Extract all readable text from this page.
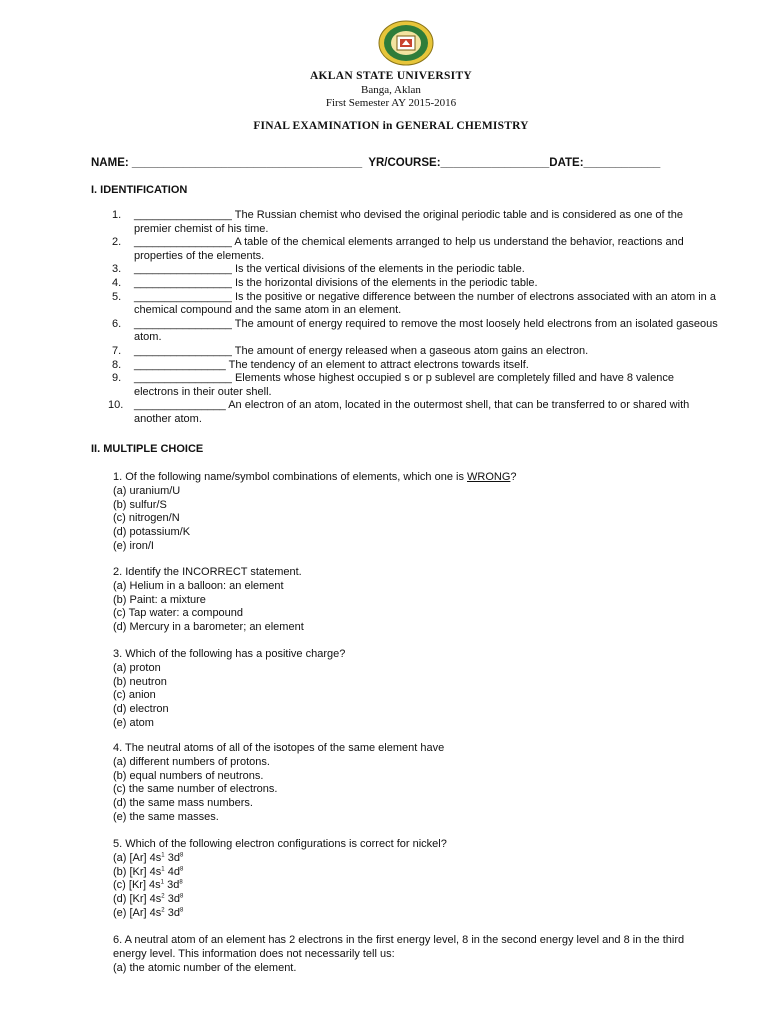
AKLAN STATE UNIVERSITY
Banga, Aklan
First Semester AY 2015-2016
FINAL EXAMINATION in GENERAL CHEMISTRY
NAME: ____________________________________  YR/COURSE:_________________DATE:____________
I. IDENTIFICATION
1. ________________ The Russian chemist who devised the original periodic table and is considered as one of the premier chemist of his time.
2. ________________ A table of the chemical elements arranged to help us understand the behavior, reactions and properties of the elements.
3. ________________ Is the vertical divisions of the elements in the periodic table.
4. ________________ Is the horizontal divisions of the elements in the periodic table.
5. ________________ Is the positive or negative difference between the number of electrons associated with an atom in a chemical compound and the same atom in an element.
6. ________________ The amount of energy required to remove the most loosely held electrons from an isolated gaseous atom.
7. ________________ The amount of energy released when a gaseous atom gains an electron.
8. _______________ The tendency of an element to attract electrons towards itself.
9. ________________ Elements whose highest occupied s or p sublevel are completely filled and have 8 valence electrons in their outer shell.
10. _______________ An electron of an atom, located in the outermost shell, that can be transferred to or shared with another atom.
II. MULTIPLE CHOICE

1. Of the following name/symbol combinations of elements, which one is WRONG?

(a) uranium/U

(b) sulfur/S

(c) nitrogen/N

(d) potassium/K

(e) iron/I

2. Identify the INCORRECT statement.

(a) Helium in a balloon: an element

(b) Paint: a mixture

(c) Tap water: a compound

(d) Mercury in a barometer; an element

3. Which of the following has a positive charge?

(a) proton

(b) neutron

(c) anion

(d) electron

(e) atom

4. The neutral atoms of all of the isotopes of the same element have

(a) different numbers of protons.

(b) equal numbers of neutrons.

(c) the same number of electrons.

(d) the same mass numbers.

(e) the same masses.

5. Which of the following electron configurations is correct for nickel?

(a) [Ar] $4s^1$ $3d^8$

(b) [Kr] $4s^1$ $4d^8$

(c) [Kr] $4s^1$ $3d^8$

(d) [Kr] $4s^2$ $3d^8$

(e) [Ar] $4s^2$ $3d^8$

6. A neutral atom of an element has 2 electrons in the first energy level, 8 in the second energy level and 8 in the third energy level. This information does not necessarily tell us:

(a) the atomic number of the element.
